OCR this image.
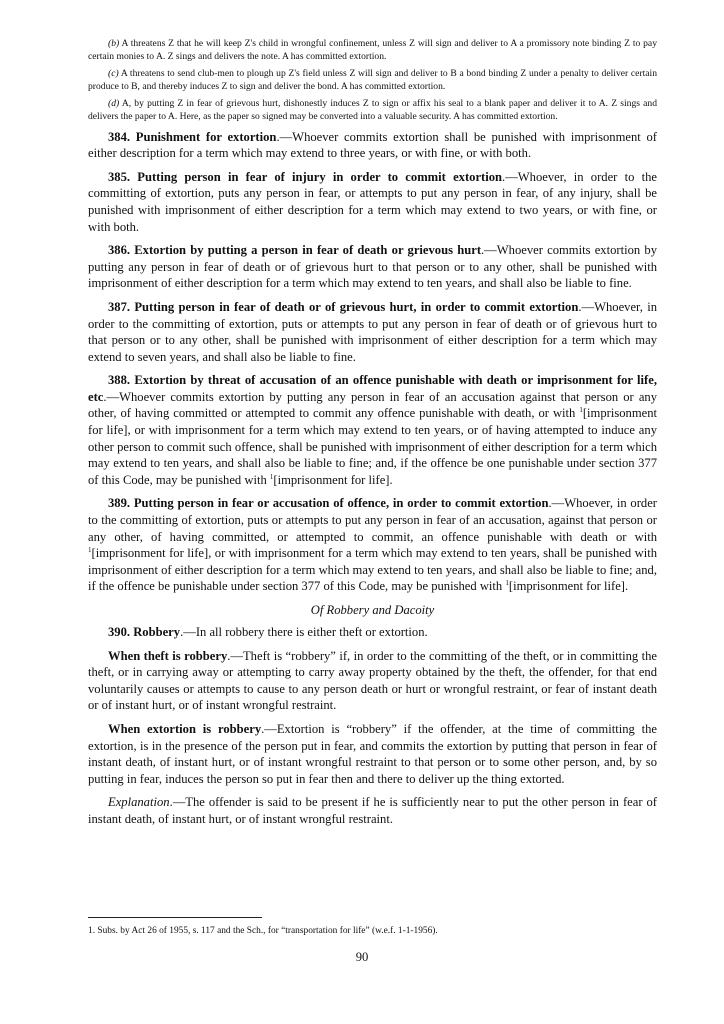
(b) A threatens Z that he will keep Z's child in wrongful confinement, unless Z will sign and deliver to A a promissory note binding Z to pay certain monies to A. Z sings and delivers the note. A has committed extortion.

(c) A threatens to send club-men to plough up Z's field unless Z will sign and deliver to B a bond binding Z under a penalty to deliver certain produce to B, and thereby induces Z to sign and deliver the bond. A has committed extortion.

(d) A, by putting Z in fear of grievous hurt, dishonestly induces Z to sign or affix his seal to a blank paper and deliver it to A. Z sings and delivers the paper to A. Here, as the paper so signed may be converted into a valuable security. A has committed extortion.

384. Punishment for extortion.—Whoever commits extortion shall be punished with imprisonment of either description for a term which may extend to three years, or with fine, or with both.

385. Putting person in fear of injury in order to commit extortion.—Whoever, in order to the committing of extortion, puts any person in fear, or attempts to put any person in fear, of any injury, shall be punished with imprisonment of either description for a term which may extend to two years, or with fine, or with both.

386. Extortion by putting a person in fear of death or grievous hurt.—Whoever commits extortion by putting any person in fear of death or of grievous hurt to that person or to any other, shall be punished with imprisonment of either description for a term which may extend to ten years, and shall also be liable to fine.

387. Putting person in fear of death or of grievous hurt, in order to commit extortion.—Whoever, in order to the committing of extortion, puts or attempts to put any person in fear of death or of grievous hurt to that person or to any other, shall be punished with imprisonment of either description for a term which may extend to seven years, and shall also be liable to fine.

388. Extortion by threat of accusation of an offence punishable with death or imprisonment for life, etc.—Whoever commits extortion by putting any person in fear of an accusation against that person or any other, of having committed or attempted to commit any offence punishable with death, or with $^1$[imprisonment for life], or with imprisonment for a term which may extend to ten years, or of having attempted to induce any other person to commit such offence, shall be punished with imprisonment of either description for a term which may extend to ten years, and shall also be liable to fine; and, if the offence be one punishable under section 377 of this Code, may be punished with $^1$[imprisonment for life].

389. Putting person in fear or accusation of offence, in order to commit extortion.—Whoever, in order to the committing of extortion, puts or attempts to put any person in fear of an accusation, against that person or any other, of having committed, or attempted to commit, an offence punishable with death or with $^1$[imprisonment for life], or with imprisonment for a term which may extend to ten years, shall be punished with imprisonment of either description for a term which may extend to ten years, and shall also be liable to fine; and, if the offence be punishable under section 377 of this Code, may be punished with $^1$[imprisonment for life].

Of Robbery and Dacoity

390. Robbery.—In all robbery there is either theft or extortion.

When theft is robbery.—Theft is “robbery” if, in order to the committing of the theft, or in committing the theft, or in carrying away or attempting to carry away property obtained by the theft, the offender, for that end voluntarily causes or attempts to cause to any person death or hurt or wrongful restraint, or fear of instant death or of instant hurt, or of instant wrongful restraint.

When extortion is robbery.—Extortion is “robbery” if the offender, at the time of committing the extortion, is in the presence of the person put in fear, and commits the extortion by putting that person in fear of instant death, of instant hurt, or of instant wrongful restraint to that person or to some other person, and, by so putting in fear, induces the person so put in fear then and there to deliver up the thing extorted.

Explanation.—The offender is said to be present if he is sufficiently near to put the other person in fear of instant death, of instant hurt, or of instant wrongful restraint.

1. Subs. by Act 26 of 1955, s. 117 and the Sch., for “transportation for life” (w.e.f. 1-1-1956).
90
